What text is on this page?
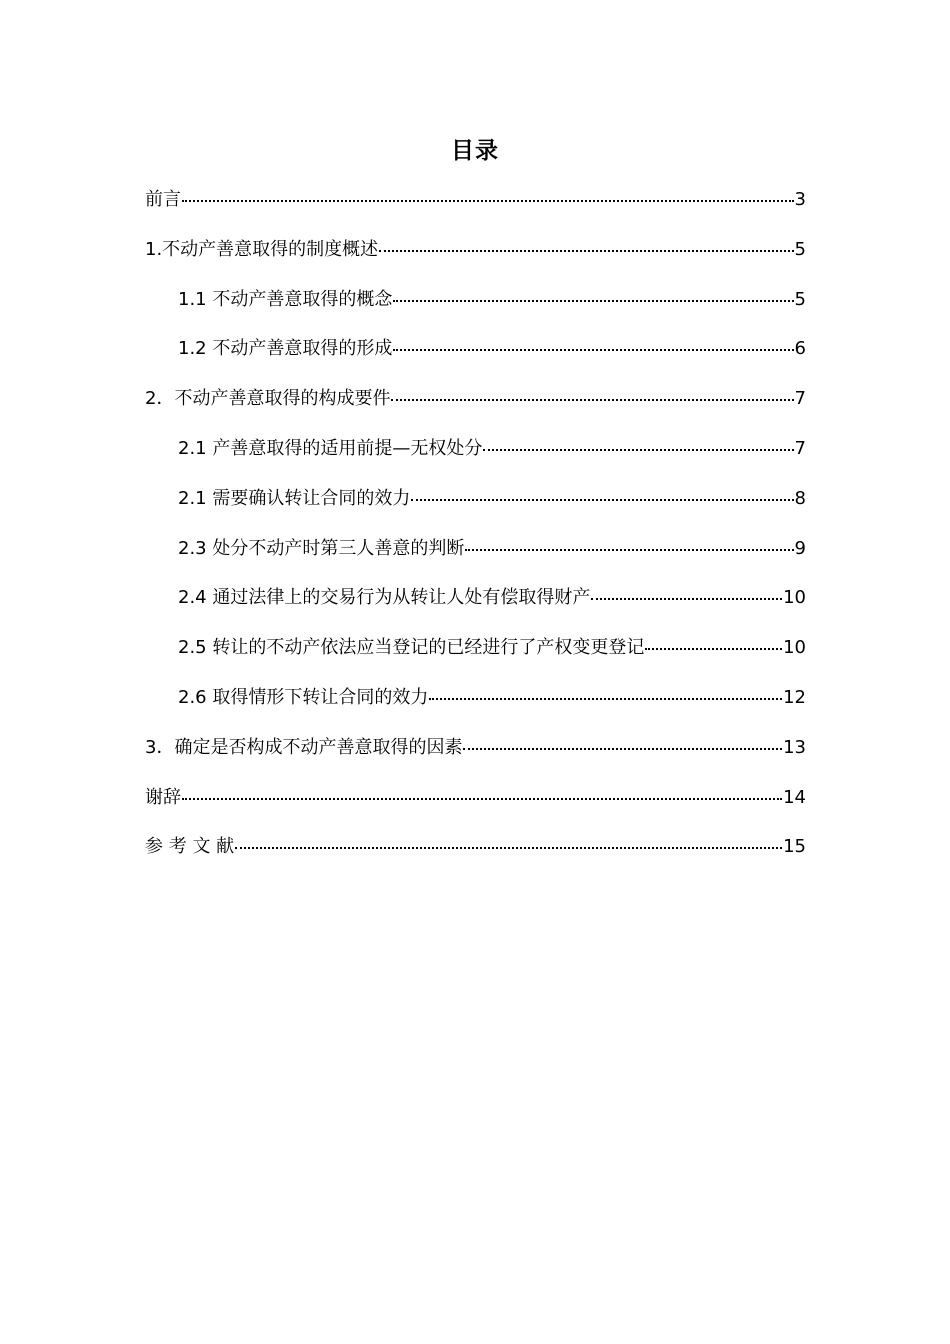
目录
前言	3
1.不动产善意取得的制度概述	5
1.1 不动产善意取得的概念	5
1.2 不动产善意取得的形成	6
2．不动产善意取得的构成要件	7
2.1 产善意取得的适用前提—无权处分	7
2.1 需要确认转让合同的效力	8
2.3 处分不动产时第三人善意的判断	9
2.4 通过法律上的交易行为从转让人处有偿取得财产	10
2.5 转让的不动产依法应当登记的已经进行了产权变更登记	10
2.6 取得情形下转让合同的效力	12
3．确定是否构成不动产善意取得的因素	13
谢辞	14
参 考 文 献	15
